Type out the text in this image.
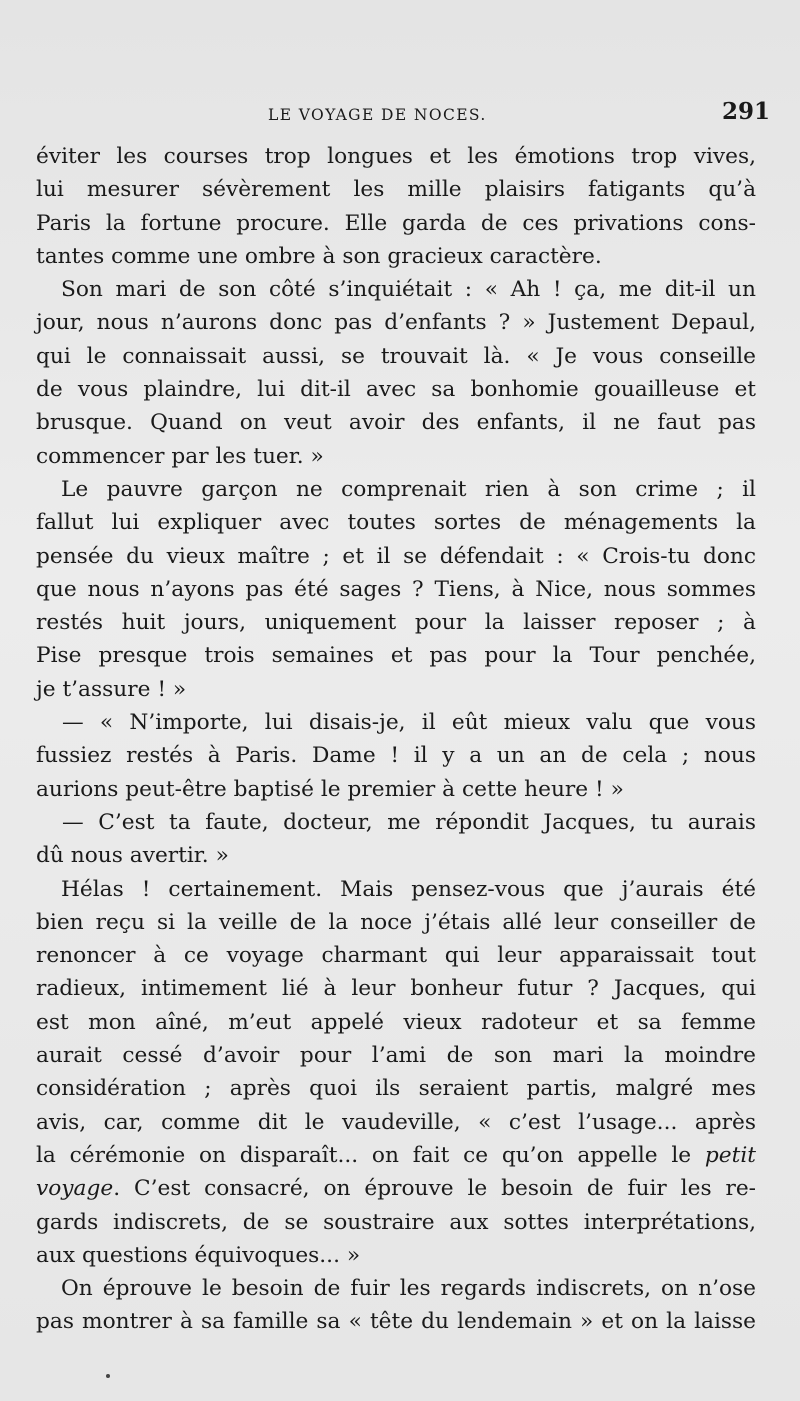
LE VOYAGE DE NOCES.	291
éviter les courses trop longues et les émotions trop vives,
lui mesurer sévèrement les mille plaisirs fatigants qu’à
Paris la fortune procure. Elle garda de ces privations cons-
tantes comme une ombre à son gracieux caractère.
Son mari de son côté s’inquiétait : « Ah ! ça, me dit-il un
jour, nous n’aurons donc pas d’enfants ? » Justement Depaul,
qui le connaissait aussi, se trouvait là. « Je vous conseille
de vous plaindre, lui dit-il avec sa bonhomie gouailleuse et
brusque. Quand on veut avoir des enfants, il ne faut pas
commencer par les tuer. »
Le pauvre garçon ne comprenait rien à son crime ; il
fallut lui expliquer avec toutes sortes de ménagements la
pensée du vieux maître ; et il se défendait : « Crois-tu donc
que nous n’ayons pas été sages ? Tiens, à Nice, nous sommes
restés huit jours, uniquement pour la laisser reposer ; à
Pise presque trois semaines et pas pour la Tour penchée,
je t’assure ! »
— « N’importe, lui disais-je, il eût mieux valu que vous
fussiez restés à Paris. Dame ! il y a un an de cela ; nous
aurions peut-être baptisé le premier à cette heure ! »
— C’est ta faute, docteur, me répondit Jacques, tu aurais
dû nous avertir. »
Hélas ! certainement. Mais pensez-vous que j’aurais été
bien reçu si la veille de la noce j’étais allé leur conseiller de
renoncer à ce voyage charmant qui leur apparaissait tout
radieux, intimement lié à leur bonheur futur ? Jacques, qui
est mon aîné, m’eut appelé vieux radoteur et sa femme
aurait cessé d’avoir pour l’ami de son mari la moindre
considération ; après quoi ils seraient partis, malgré mes
avis, car, comme dit le vaudeville, « c’est l’usage... après
la cérémonie on disparaît... on fait ce qu’on appelle le petit
voyage. C’est consacré, on éprouve le besoin de fuir les re-
gards indiscrets, de se soustraire aux sottes interprétations,
aux questions équivoques... »
On éprouve le besoin de fuir les regards indiscrets, on n’ose
pas montrer à sa famille sa « tête du lendemain » et on la laisse
